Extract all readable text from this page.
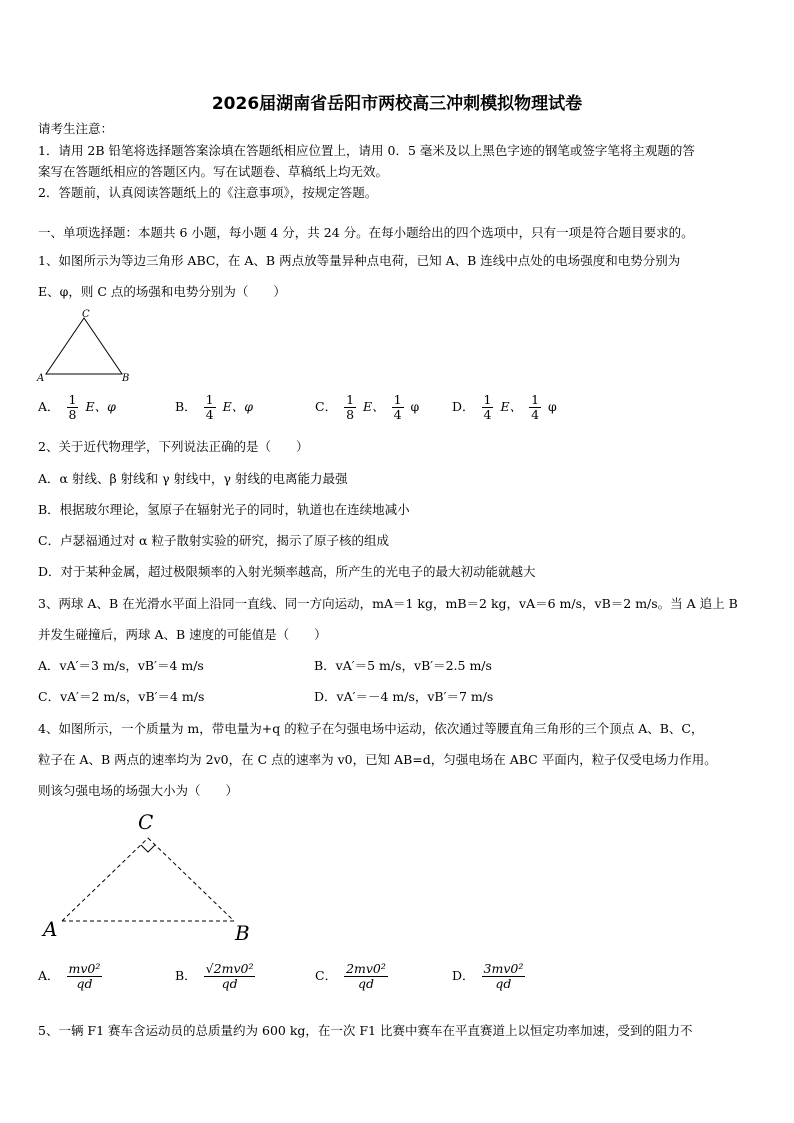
2026届湖南省岳阳市两校高三冲刺模拟物理试卷
请考生注意：
1．请用 2B 铅笔将选择题答案涂填在答题纸相应位置上，请用 0．5 毫米及以上黑色字迹的钢笔或签字笔将主观题的答
案写在答题纸相应的答题区内。写在试题卷、草稿纸上均无效。
2．答题前，认真阅读答题纸上的《注意事项》，按规定答题。
一、单项选择题：本题共 6 小题，每小题 4 分，共 24 分。在每小题给出的四个选项中，只有一项是符合题目要求的。
1、如图所示为等边三角形 ABC，在 A、B 两点放等量异种点电荷，已知 A、B 连线中点处的电场强度和电势分别为
E、φ，则 C 点的场强和电势分别为（　　）
C
A	B
A． $\frac{1}{8}$ E、φ	B． $\frac{1}{4}$ E、φ	C． $\frac{1}{8}$ E、 $\frac{1}{4}$ φ	D． $\frac{1}{4}$ E、 $\frac{1}{4}$ φ
2、关于近代物理学，下列说法正确的是（　　）
A．α 射线、β 射线和 γ 射线中，γ 射线的电离能力最强
B．根据玻尔理论，氢原子在辐射光子的同时，轨道也在连续地减小
C．卢瑟福通过对 α 粒子散射实验的研究，揭示了原子核的组成
D．对于某种金属，超过极限频率的入射光频率越高，所产生的光电子的最大初动能就越大
3、两球 A、B 在光滑水平面上沿同一直线、同一方向运动，mA＝1 kg，mB＝2 kg，vA＝6 m/s，vB＝2 m/s。当 A 追上 B
并发生碰撞后，两球 A、B 速度的可能值是（　　）
A．vA′＝3 m/s，vB′＝4 m/s	B．vA′＝5 m/s，vB′＝2.5 m/s
C．vA′＝2 m/s，vB′＝4 m/s	D．vA′＝－4 m/s，vB′＝7 m/s
4、如图所示，一个质量为 m，带电量为+q 的粒子在匀强电场中运动，依次通过等腰直角三角形的三个顶点 A、B、C，
粒子在 A、B 两点的速率均为 2v0，在 C 点的速率为 v0，已知 AB=d，匀强电场在 ABC 平面内，粒子仅受电场力作用。
则该匀强电场的场强大小为（　　）
C
A	B
A． $\frac{\text{mv0²}}{qd}$	B． $\frac{\text{√2mv0²}}{qd}$	C． $\frac{\text{2mv0²}}{qd}$	D． $\frac{\text{3mv0²}}{qd}$
5、一辆 F1 赛车含运动员的总质量约为 600 kg，在一次 F1 比赛中赛车在平直赛道上以恒定功率加速，受到的阻力不
